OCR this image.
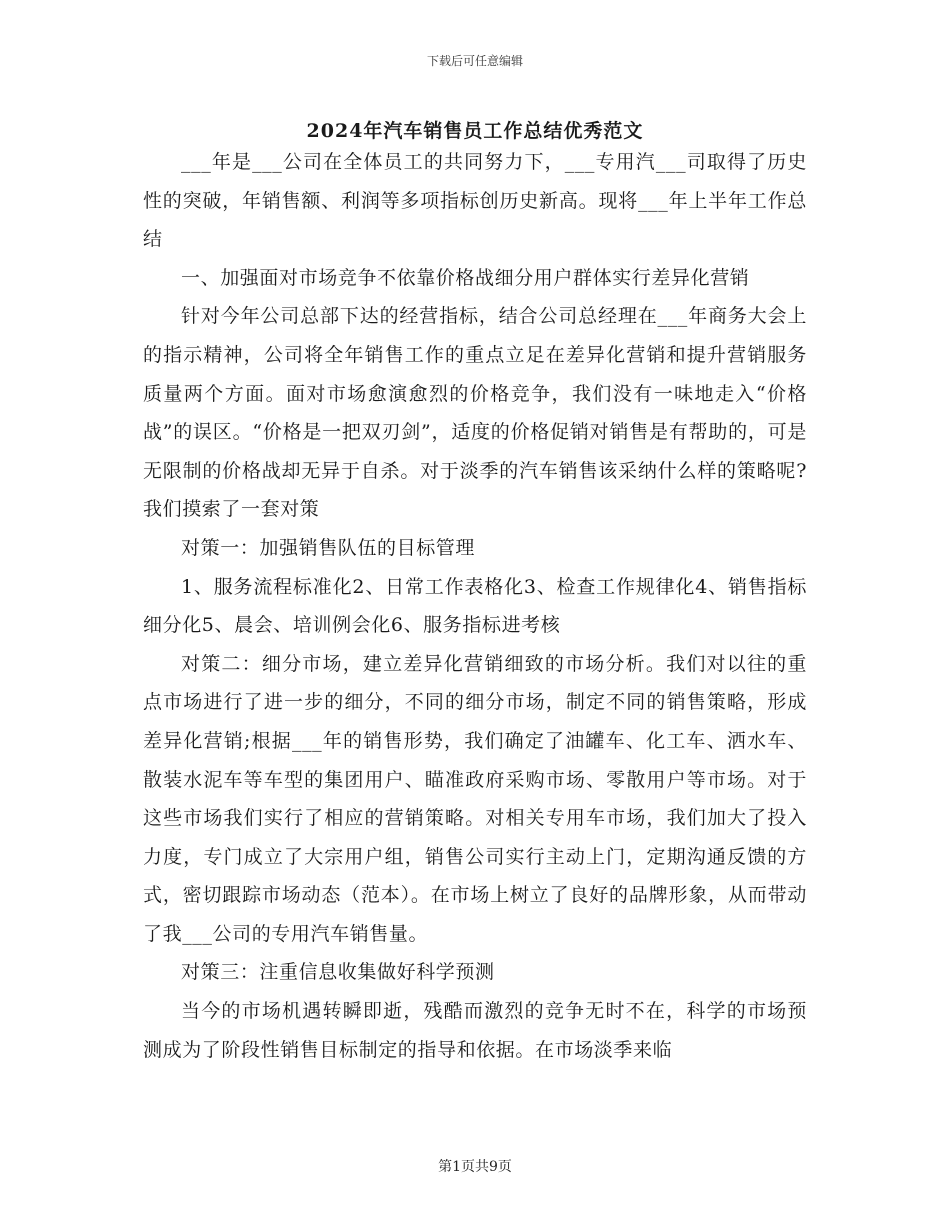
下载后可任意编辑
2024年汽车销售员工作总结优秀范文

___年是___公司在全体员工的共同努力下，___专用汽___司取得了历史性的突破，年销售额、利润等多项指标创历史新高。现将___年上半年工作总结

一、加强面对市场竞争不依靠价格战细分用户群体实行差异化营销

针对今年公司总部下达的经营指标，结合公司总经理在___年商务大会上的指示精神，公司将全年销售工作的重点立足在差异化营销和提升营销服务质量两个方面。面对市场愈演愈烈的价格竞争，我们没有一味地走入“价格战”的误区。“价格是一把双刃剑”，适度的价格促销对销售是有帮助的，可是无限制的价格战却无异于自杀。对于淡季的汽车销售该采纳什么样的策略呢?我们摸索了一套对策

对策一：加强销售队伍的目标管理

1、服务流程标准化2、日常工作表格化3、检查工作规律化4、销售指标细分化5、晨会、培训例会化6、服务指标进考核

对策二：细分市场，建立差异化营销细致的市场分析。我们对以往的重点市场进行了进一步的细分，不同的细分市场，制定不同的销售策略，形成差异化营销;根据___年的销售形势，我们确定了油罐车、化工车、洒水车、散装水泥车等车型的集团用户、瞄准政府采购市场、零散用户等市场。对于这些市场我们实行了相应的营销策略。对相关专用车市场，我们加大了投入力度，专门成立了大宗用户组，销售公司实行主动上门，定期沟通反馈的方式，密切跟踪市场动态（范本）。在市场上树立了良好的品牌形象，从而带动了我___公司的专用汽车销售量。

对策三：注重信息收集做好科学预测

当今的市场机遇转瞬即逝，残酷而激烈的竞争无时不在，科学的市场预测成为了阶段性销售目标制定的指导和依据。在市场淡季来临

第1页共9页
